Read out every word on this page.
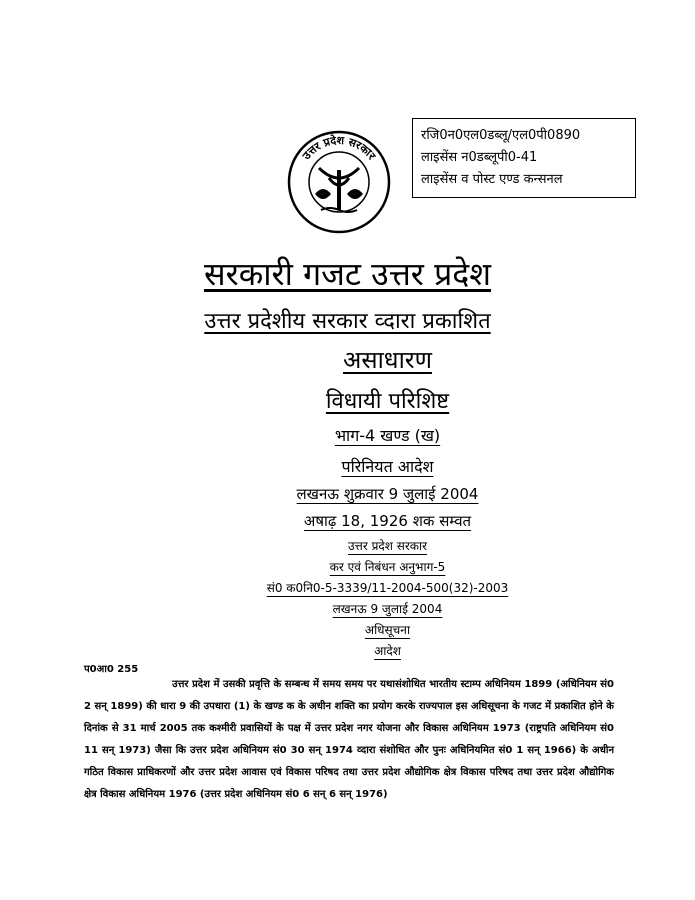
उत्तर प्रदेश सरकार
रजि0न0एल0डब्लू/एल0पी0890
लाइसेंस न0डब्लूपी0-41
लाइसेंस व पोस्ट एण्ड कन्सनल
सरकारी गजट उत्तर प्रदेश
उत्तर प्रदेशीय सरकार व्दारा प्रकाशित
असाधारण
विधायी परिशिष्ट
भाग-4 खण्ड (ख)
परिनियत आदेश
लखनऊ शुक्रवार 9 जुलाई 2004
अषाढ़ 18, 1926 शक सम्वत
उत्तर प्रदेश सरकार
कर एवं निबंधन अनुभाग-5
सं0 क0नि0-5-3339/11-2004-500(32)-2003
लखनऊ 9 जुलाई 2004
अधिसूचना
आदेश
प0आ0 255

उत्तर प्रदेश में उसकी प्रवृत्ति के सम्बन्ध में समय समय पर यथासंशोधित भारतीय स्टाम्प अधिनियम 1899 (अधिनियम सं0 2 सन् 1899) की धारा 9 की उपधारा (1) के खण्ड क के अधीन शक्ति का प्रयोग करके राज्यपाल इस अधिसूचना के गजट में प्रकाशित होने के दिनांक से 31 मार्च 2005 तक कश्मीरी प्रवासियों के पक्ष में उत्तर प्रदेश नगर योजना और विकास अधिनियम 1973 (राष्ट्रपति अधिनियम सं0 11 सन् 1973) जैसा कि उत्तर प्रदेश अधिनियम सं0 30 सन् 1974 व्दारा संशोधित और पुनः अधिनियमित सं0 1 सन् 1966) के अधीन गठित विकास प्राधिकरणों और उत्तर प्रदेश आवास एवं विकास परिषद तथा उत्तर प्रदेश औद्योगिक क्षेत्र विकास परिषद तथा उत्तर प्रदेश औद्योगिक क्षेत्र विकास अधिनियम 1976 (उत्तर प्रदेश अधिनियम सं0 6 सन् 6 सन् 1976)
